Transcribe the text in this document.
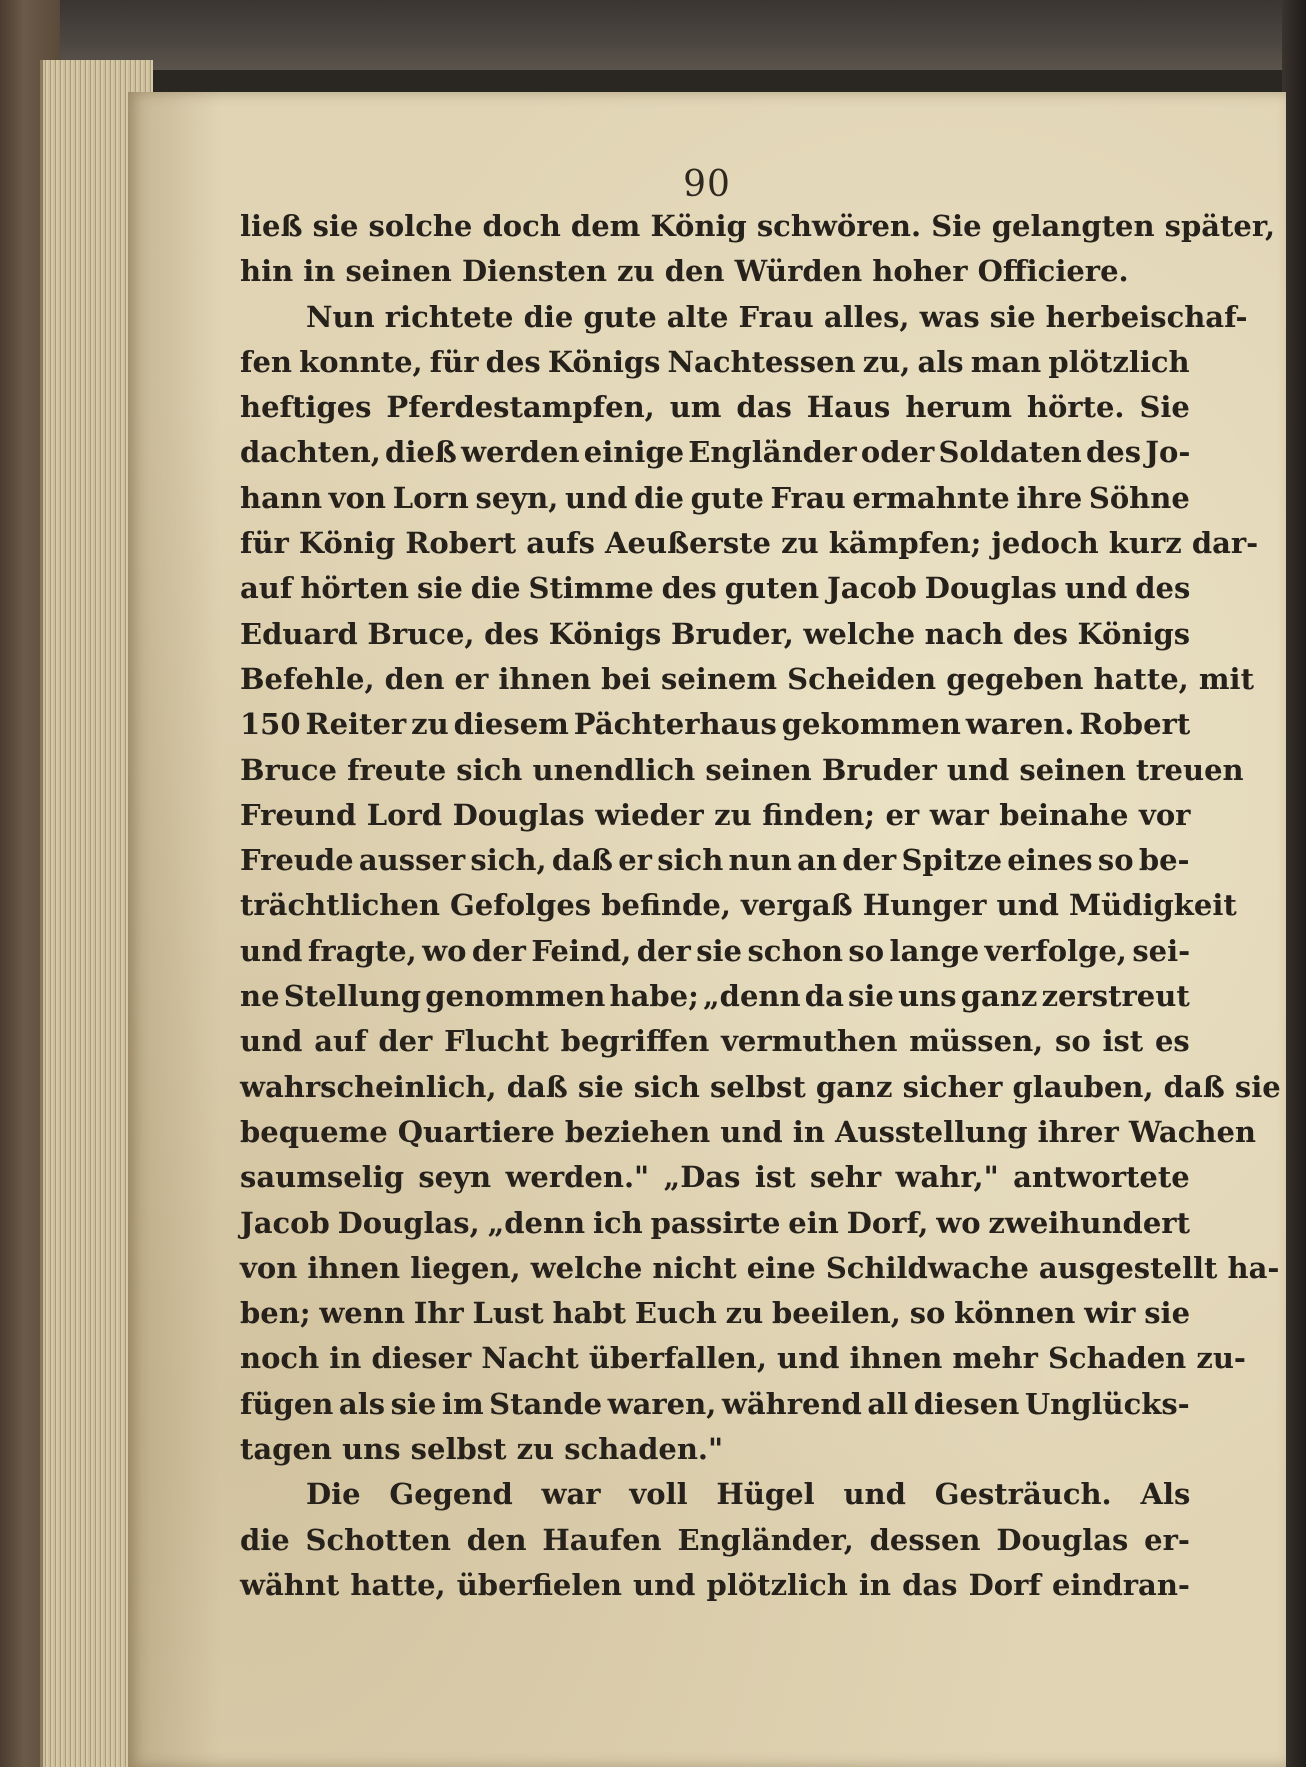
90
ließ sie solche doch dem König schwören. Sie gelangten später,
hin in seinen Diensten zu den Würden hoher Officiere.
Nun richtete die gute alte Frau alles, was sie herbeischaf-
fen konnte, für des Königs Nachtessen zu, als man plötzlich
heftiges Pferdestampfen, um das Haus herum hörte. Sie
dachten, dieß werden einige Engländer oder Soldaten des Jo-
hann von Lorn seyn, und die gute Frau ermahnte ihre Söhne
für König Robert aufs Aeußerste zu kämpfen; jedoch kurz dar-
auf hörten sie die Stimme des guten Jacob Douglas und des
Eduard Bruce, des Königs Bruder, welche nach des Königs
Befehle, den er ihnen bei seinem Scheiden gegeben hatte, mit
150 Reiter zu diesem Pächterhaus gekommen waren. Robert
Bruce freute sich unendlich seinen Bruder und seinen treuen
Freund Lord Douglas wieder zu finden; er war beinahe vor
Freude ausser sich, daß er sich nun an der Spitze eines so be-
trächtlichen Gefolges befinde, vergaß Hunger und Müdigkeit
und fragte, wo der Feind, der sie schon so lange verfolge, sei-
ne Stellung genommen habe; „denn da sie uns ganz zerstreut
und auf der Flucht begriffen vermuthen müssen, so ist es
wahrscheinlich, daß sie sich selbst ganz sicher glauben, daß sie
bequeme Quartiere beziehen und in Ausstellung ihrer Wachen
saumselig seyn werden." „Das ist sehr wahr," antwortete
Jacob Douglas, „denn ich passirte ein Dorf, wo zweihundert
von ihnen liegen, welche nicht eine Schildwache ausgestellt ha-
ben; wenn Ihr Lust habt Euch zu beeilen, so können wir sie
noch in dieser Nacht überfallen, und ihnen mehr Schaden zu-
fügen als sie im Stande waren, während all diesen Unglücks-
tagen uns selbst zu schaden."
Die Gegend war voll Hügel und Gesträuch. Als
die Schotten den Haufen Engländer, dessen Douglas er-
wähnt hatte, überfielen und plötzlich in das Dorf eindran-
